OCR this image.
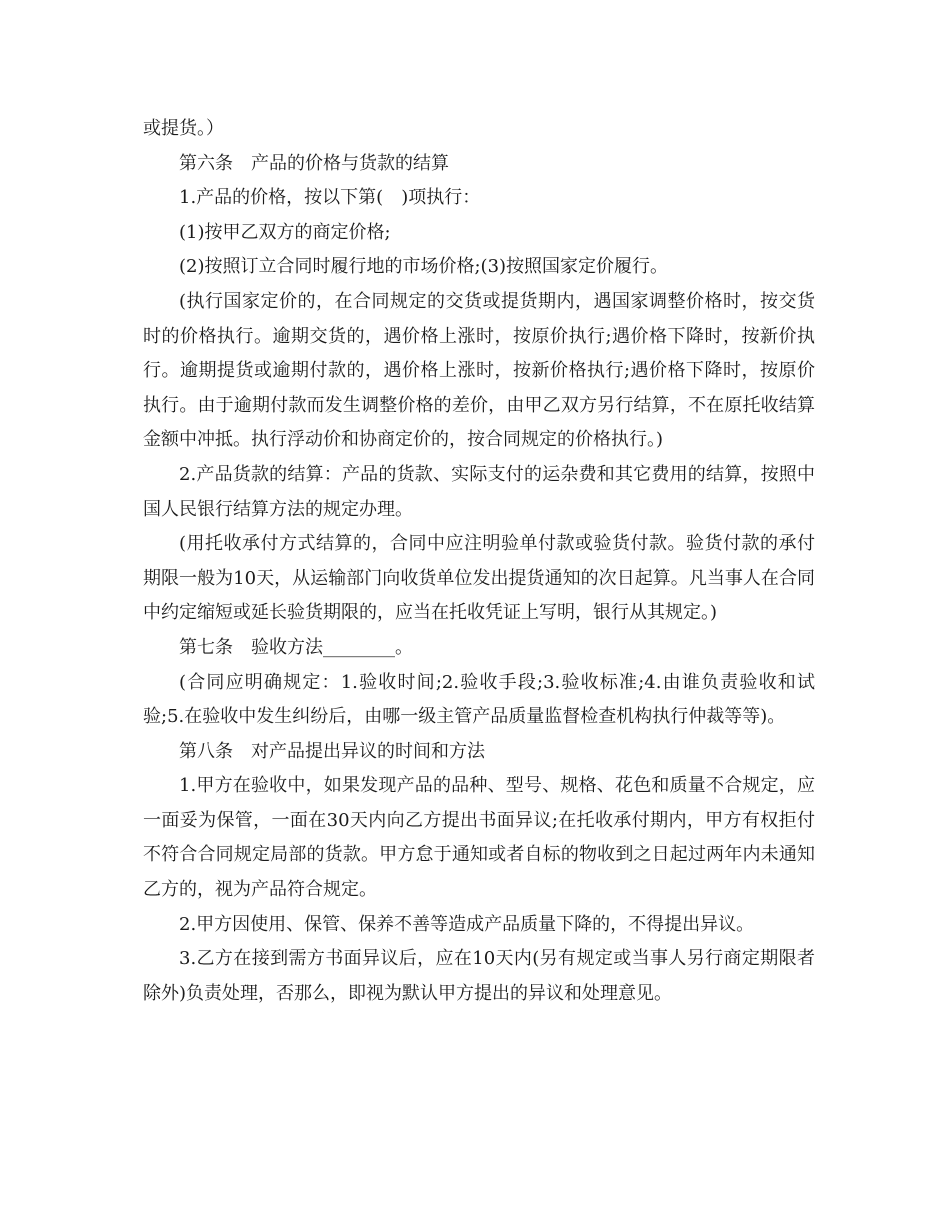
或提货。）

第六条　产品的价格与货款的结算

1.产品的价格，按以下第(　)项执行：

(1)按甲乙双方的商定价格;

(2)按照订立合同时履行地的市场价格;(3)按照国家定价履行。

(执行国家定价的，在合同规定的交货或提货期内，遇国家调整价格时，按交货时的价格执行。逾期交货的，遇价格上涨时，按原价执行;遇价格下降时，按新价执行。逾期提货或逾期付款的，遇价格上涨时，按新价格执行;遇价格下降时，按原价执行。由于逾期付款而发生调整价格的差价，由甲乙双方另行结算，不在原托收结算金额中冲抵。执行浮动价和协商定价的，按合同规定的价格执行。)

2.产品货款的结算：产品的货款、实际支付的运杂费和其它费用的结算，按照中国人民银行结算方法的规定办理。

(用托收承付方式结算的，合同中应注明验单付款或验货付款。验货付款的承付期限一般为10天，从运输部门向收货单位发出提货通知的次日起算。凡当事人在合同中约定缩短或延长验货期限的，应当在托收凭证上写明，银行从其规定。)

第七条　验收方法________。

(合同应明确规定：1.验收时间;2.验收手段;3.验收标准;4.由谁负责验收和试验;5.在验收中发生纠纷后，由哪一级主管产品质量监督检查机构执行仲裁等等)。

第八条　对产品提出异议的时间和方法

1.甲方在验收中，如果发现产品的品种、型号、规格、花色和质量不合规定，应一面妥为保管，一面在30天内向乙方提出书面异议;在托收承付期内，甲方有权拒付不符合合同规定局部的货款。甲方怠于通知或者自标的物收到之日起过两年内未通知乙方的，视为产品符合规定。

2.甲方因使用、保管、保养不善等造成产品质量下降的，不得提出异议。

3.乙方在接到需方书面异议后，应在10天内(另有规定或当事人另行商定期限者除外)负责处理，否那么，即视为默认甲方提出的异议和处理意见。
